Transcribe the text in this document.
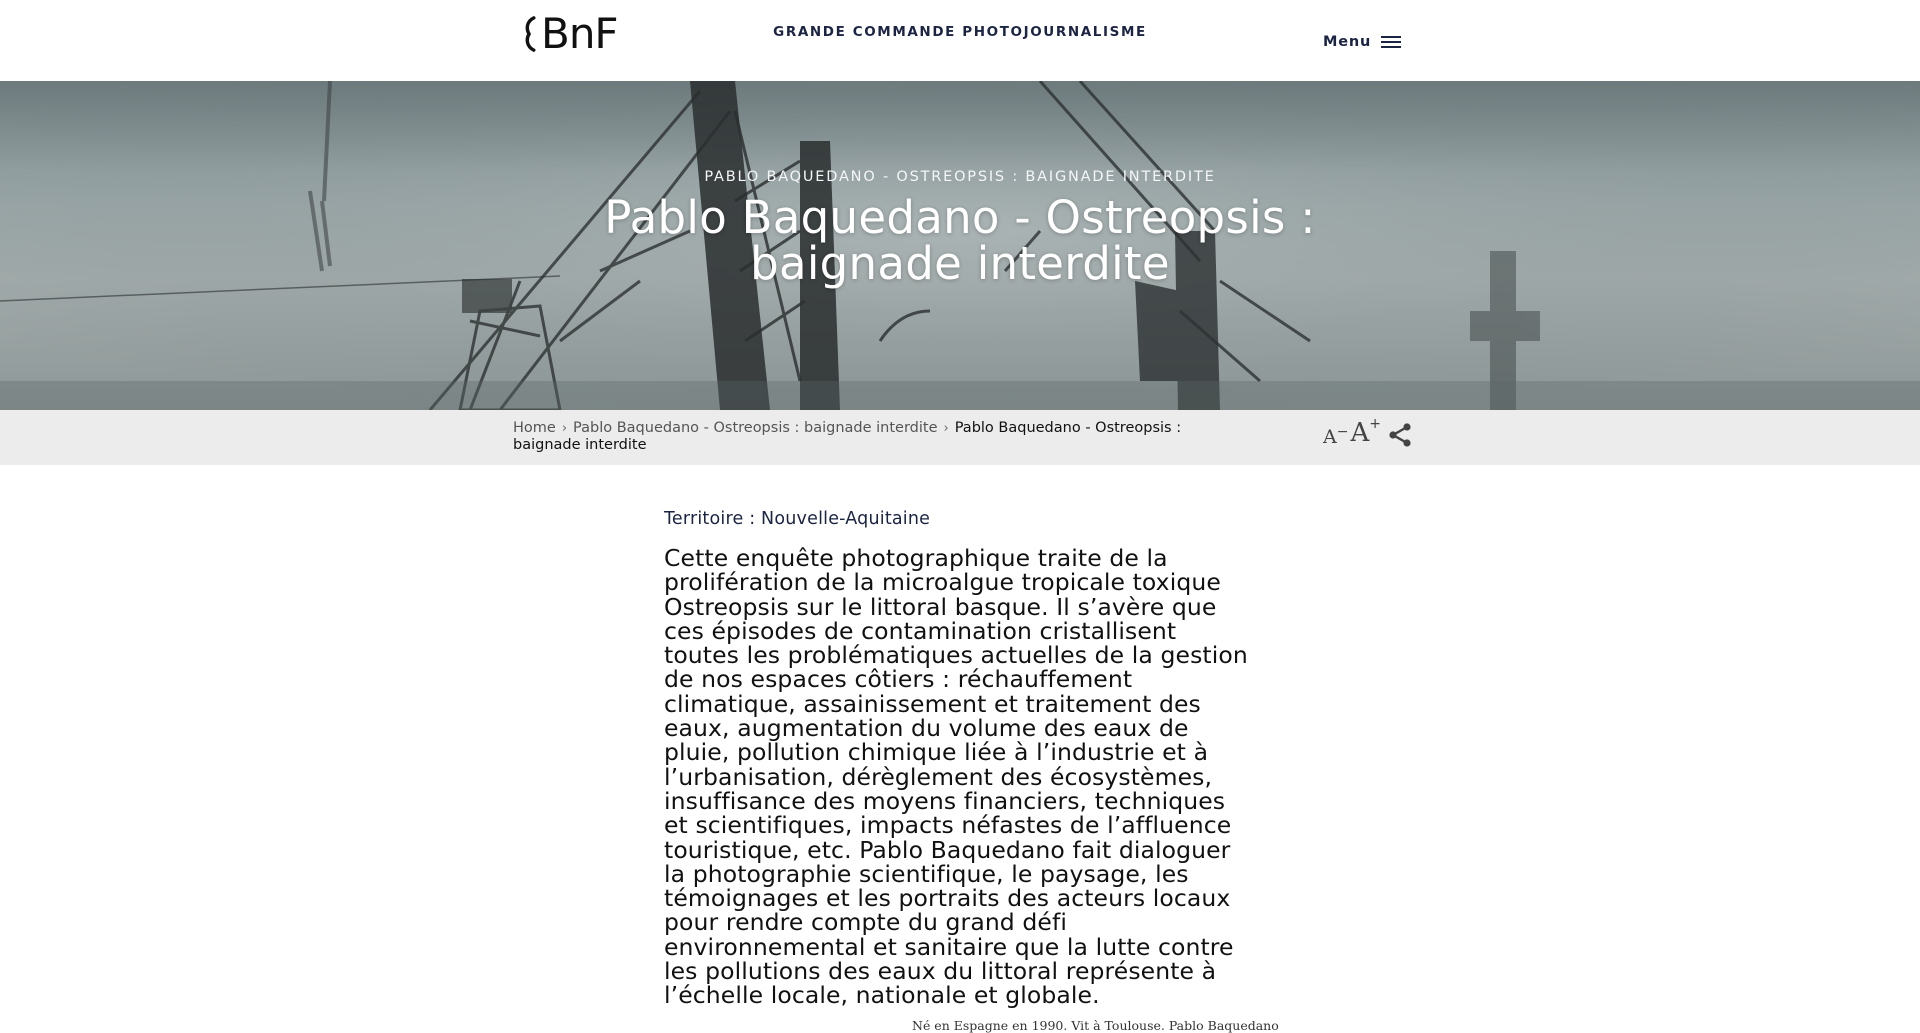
BnF	GRANDE COMMANDE PHOTOJOURNALISME
Menu
PABLO BAQUEDANO - OSTREOPSIS : BAIGNADE INTERDITE
Pablo Baquedano - Ostreopsis : baignade interdite
Home › Pablo Baquedano - Ostreopsis : baignade interdite › Pablo Baquedano - Ostreopsis : baignade interdite	A− A+

Territoire : Nouvelle-Aquitaine

Cette enquête photographique traite de la prolifération de la microalgue tropicale toxique Ostreopsis sur le littoral basque. Il s’avère que ces épisodes de contamination cristallisent toutes les problématiques actuelles de la gestion de nos espaces côtiers : réchauffement climatique, assainissement et traitement des eaux, augmentation du volume des eaux de pluie, pollution chimique liée à l’industrie et à l’urbanisation, dérèglement des écosystèmes, insuffisance des moyens financiers, techniques et scientifiques, impacts néfastes de l’affluence touristique, etc. Pablo Baquedano fait dialoguer la photographie scientifique, le paysage, les témoignages et les portraits des acteurs locaux pour rendre compte du grand défi environnemental et sanitaire que la lutte contre les pollutions des eaux du littoral représente à l’échelle locale, nationale et globale.

Né en Espagne en 1990. Vit à Toulouse. Pablo Baquedano
